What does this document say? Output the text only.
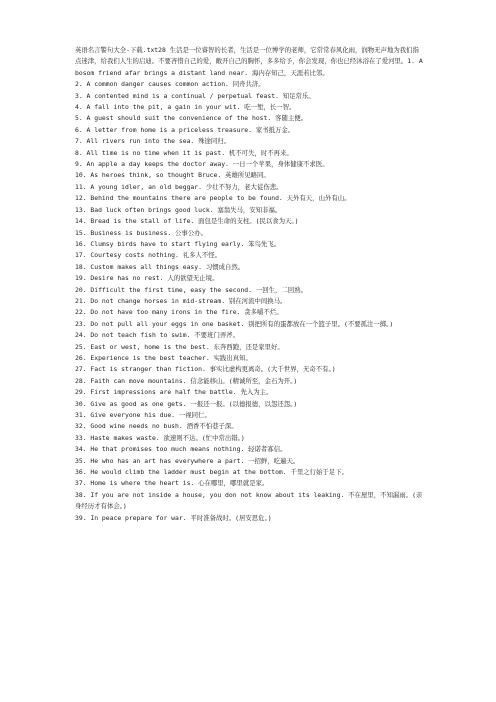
英语名言警句大全-下载.txt28 生活是一位睿智的长者，生活是一位博学的老师，它常常春风化雨，润物无声地为我们指点迷津，给我们人生的启迪。不要吝惜自己的爱，敞开自己的胸怀，多多给予，你会发现，你也已经沐浴在了爱河里。1. A bosom friend afar brings a distant land near. 海内存知己，天涯若比邻。

2. A common danger causes common action. 同舟共济。

3. A contented mind is a continual / perpetual feast. 知足常乐。

4. A fall into the pit, a gain in your wit. 吃一堑，长一智。

5. A guest should suit the convenience of the host. 客随主便。

6. A letter from home is a priceless treasure. 家书抵万金。

7. All rivers run into the sea. 殊途同归。

8. All time is no time when it is past. 机不可失，时不再来。

9. An apple a day keeps the doctor away. 一日一个苹果，身体健康不求医。

10. As heroes think, so thought Bruce. 英雄所见略同。

11. A young idler, an old beggar. 少壮不努力，老大徒伤悲。

12. Behind the mountains there are people to be found. 天外有天，山外有山。

13. Bad luck often brings good luck. 塞翁失马，安知非福。

14. Bread is the stall of life. 面包是生命的支柱。(民以食为天。)

15. Business is business. 公事公办。

16. Clumsy birds have to start flying early. 笨鸟先飞。

17. Courtesy costs nothing. 礼多人不怪。

18. Custom makes all things easy. 习惯成自然。

19. Desire has no rest. 人的欲望无止境。

20. Difficult the first time, easy the second. 一回生，二回熟。

21. Do not change horses in mid-stream. 别在河流中间换马。

22. Do not have too many irons in the fire. 贪多嚼不烂。

23. Do not pull all your eggs in one basket. 别把所有的蛋都放在一个篮子里。(不要孤注一掷。)

24. Do not teach fish to swim. 不要班门弄斧。

25. East or west, home is the best. 东奔西跑，还是家里好。

26. Experience is the best teacher. 实践出真知。

27. Fact is stranger than fiction. 事实比虚构更离奇。(大千世界，无奇不有。)

28. Faith can move mountains. 信念能移山。(精诚所至，金石为开。)

29. First impressions are half the battle. 先入为主。

30. Give as good as one gets. 一报还一报。(以德报德，以怨还怨。)

31. Give everyone his due. 一视同仁。

32. Good wine needs no bush. 酒香不怕巷子深。

33. Haste makes waste. 欲速则不达。(忙中常出错。)

34. He that promises too much means nothing. 轻诺者寡信。

35. He who has an art has everywhere a part. 一招鲜，吃遍天。

36. He would climb the ladder must begin at the bottom. 千里之行始于足下。

37. Home is where the heart is. 心在哪里，哪里就是家。

38. If you are not inside a house, you don not know about its leaking. 不在屋里，不知漏雨。(亲身经历才有体会。)

39. In peace prepare for war. 平时准备战时。(居安思危。)
